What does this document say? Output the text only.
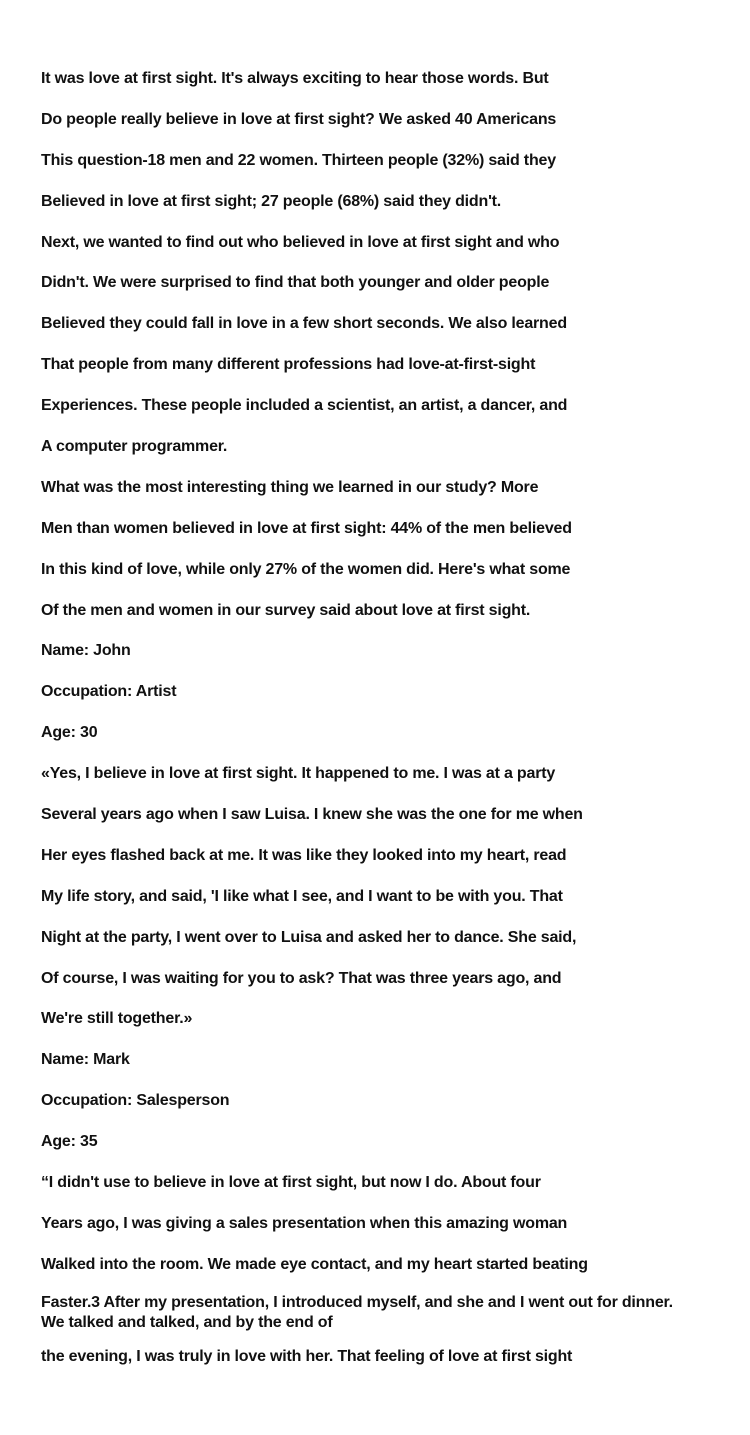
It was love at first sight. It's always exciting to hear those words. But
Do people really believe in love at first sight? We asked 40 Americans
This question-18 men and 22 women. Thirteen people (32%) said they
Believed in love at first sight; 27 people (68%) said they didn't.
Next, we wanted to find out who believed in love at first sight and who
Didn't. We were surprised to find that both younger and older people
Believed they could fall in love in a few short seconds. We also learned
That people from many different professions had love-at-first-sight
Experiences. These people included a scientist, an artist, a dancer, and
A computer programmer.
What was the most interesting thing we learned in our study? More
Men than women believed in love at first sight: 44% of the men believed
In this kind of love, while only 27% of the women did. Here's what some
Of the men and women in our survey said about love at first sight.
Name: John
Occupation: Artist
Age: 30
«Yes, I believe in love at first sight. It happened to me. I was at a party
Several years ago when I saw Luisa. I knew she was the one for me when
Her eyes flashed back at me. It was like they looked into my heart, read
My life story, and said, 'I like what I see, and I want to be with you. That
Night at the party, I went over to Luisa and asked her to dance. She said,
Of course, I was waiting for you to ask? That was three years ago, and
We're still together.»
Name: Mark
Occupation: Salesperson
Age: 35
“I didn't use to believe in love at first sight, but now I do. About four
Years ago, I was giving a sales presentation when this amazing woman
Walked into the room. We made eye contact, and my heart started beating
Faster.3 After my presentation, I introduced myself, and she and I went out for dinner.
We talked and talked, and by the end of
the evening, I was truly in love with her. That feeling of love at first sight
